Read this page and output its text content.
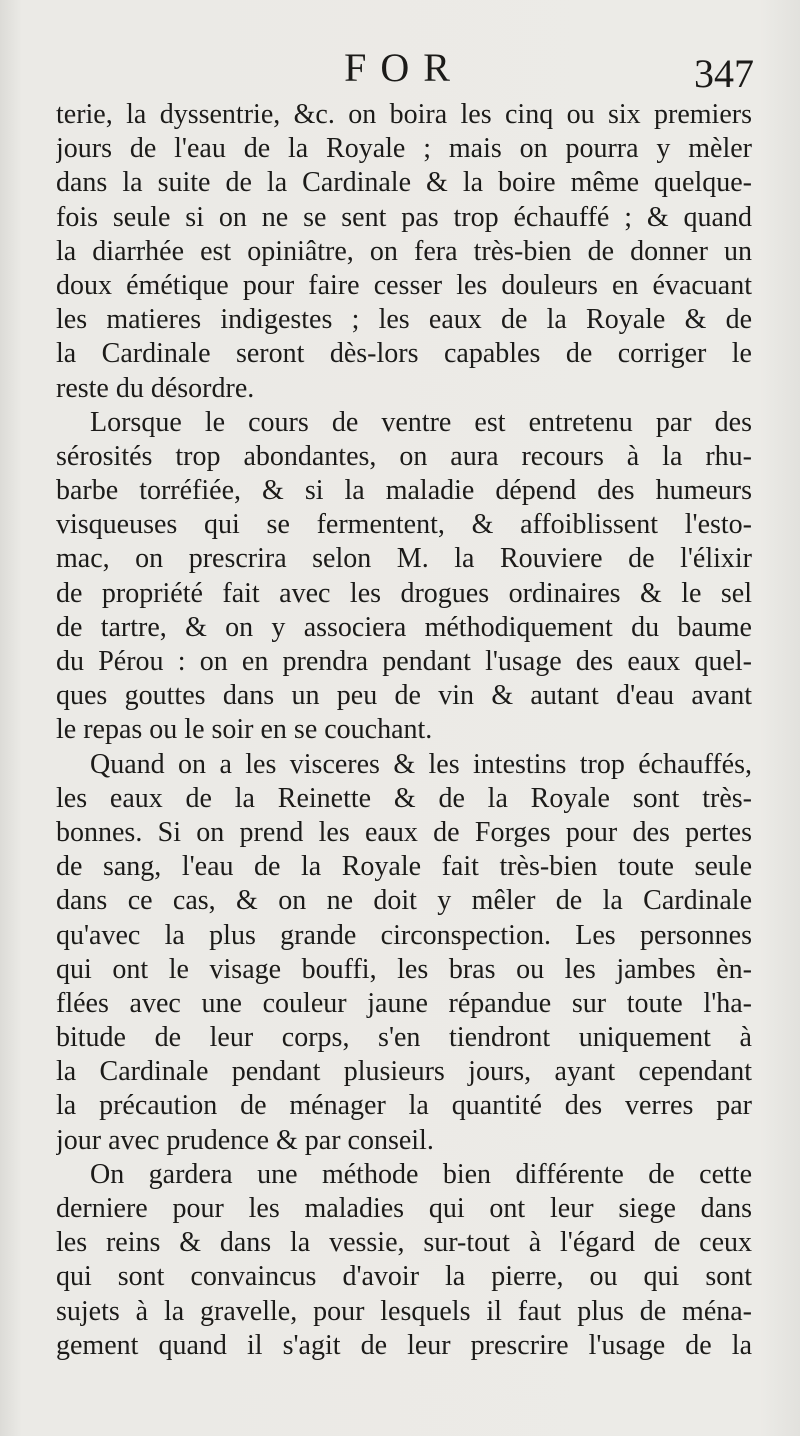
FOR	347
terie, la dyssentrie, &c. on boira les cinq ou six premiers
jours de l'eau de la Royale ; mais on pourra y mèler
dans la suite de la Cardinale & la boire même quelque-
fois seule si on ne se sent pas trop échauffé ; & quand
la diarrhée est opiniâtre, on fera très-bien de donner un
doux émétique pour faire cesser les douleurs en évacuant
les matieres indigestes ; les eaux de la Royale & de
la Cardinale seront dès-lors capables de corriger le
reste du désordre.
Lorsque le cours de ventre est entretenu par des
sérosités trop abondantes, on aura recours à la rhu-
barbe torréfiée, & si la maladie dépend des humeurs
visqueuses qui se fermentent, & affoiblissent l'esto-
mac, on prescrira selon M. la Rouviere de l'élixir
de propriété fait avec les drogues ordinaires & le sel
de tartre, & on y associera méthodiquement du baume
du Pérou : on en prendra pendant l'usage des eaux quel-
ques gouttes dans un peu de vin & autant d'eau avant
le repas ou le soir en se couchant.
Quand on a les visceres & les intestins trop échauffés,
les eaux de la Reinette & de la Royale sont très-
bonnes. Si on prend les eaux de Forges pour des pertes
de sang, l'eau de la Royale fait très-bien toute seule
dans ce cas, & on ne doit y mêler de la Cardinale
qu'avec la plus grande circonspection. Les personnes
qui ont le visage bouffi, les bras ou les jambes èn-
flées avec une couleur jaune répandue sur toute l'ha-
bitude de leur corps, s'en tiendront uniquement à
la Cardinale pendant plusieurs jours, ayant cependant
la précaution de ménager la quantité des verres par
jour avec prudence & par conseil.
On gardera une méthode bien différente de cette
derniere pour les maladies qui ont leur siege dans
les reins & dans la vessie, sur-tout à l'égard de ceux
qui sont convaincus d'avoir la pierre, ou qui sont
sujets à la gravelle, pour lesquels il faut plus de ména-
gement quand il s'agit de leur prescrire l'usage de la
